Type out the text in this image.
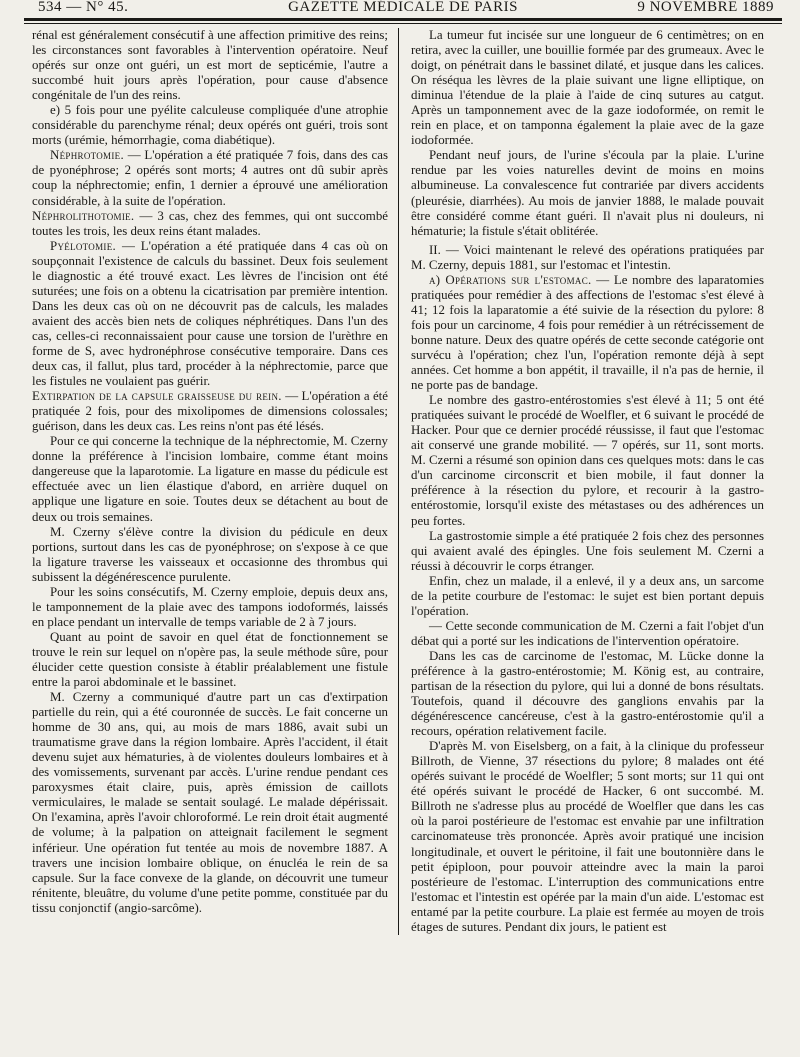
534 — N° 45.	GAZETTE MÉDICALE DE PARIS	9 NOVEMBRE 1889

rénal est généralement consécutif à une affection primitive des reins; les circonstances sont favorables à l'intervention opératoire. Neuf opérés sur onze ont guéri, un est mort de septicémie, l'autre a succombé huit jours après l'opération, pour cause d'absence congénitale de l'un des reins.

e) 5 fois pour une pyélite calculeuse compliquée d'une atrophie considérable du parenchyme rénal; deux opérés ont guéri, trois sont morts (urémie, hémorrhagie, coma diabétique).

Néphrotomie. — L'opération a été pratiquée 7 fois, dans des cas de pyonéphrose; 2 opérés sont morts; 4 autres ont dû subir après coup la néphrectomie; enfin, 1 dernier a éprouvé une amélioration considérable, à la suite de l'opération.

Néphrolithotomie. — 3 cas, chez des femmes, qui ont succombé toutes les trois, les deux reins étant malades.

Pyélotomie. — L'opération a été pratiquée dans 4 cas où on soupçonnait l'existence de calculs du bassinet. Deux fois seulement le diagnostic a été trouvé exact. Les lèvres de l'incision ont été suturées; une fois on a obtenu la cicatrisation par première intention. Dans les deux cas où on ne découvrit pas de calculs, les malades avaient des accès bien nets de coliques néphrétiques. Dans l'un des cas, celles-ci reconnaissaient pour cause une torsion de l'urèthre en forme de S, avec hydronéphrose consécutive temporaire. Dans ces deux cas, il fallut, plus tard, procéder à la néphrectomie, parce que les fistules ne voulaient pas guérir.

Extirpation de la capsule graisseuse du rein. — L'opération a été pratiquée 2 fois, pour des mixolipomes de dimensions colossales; guérison, dans les deux cas. Les reins n'ont pas été lésés.

Pour ce qui concerne la technique de la néphrectomie, M. Czerny donne la préférence à l'incision lombaire, comme étant moins dangereuse que la laparotomie. La ligature en masse du pédicule est effectuée avec un lien élastique d'abord, en arrière duquel on applique une ligature en soie. Toutes deux se détachent au bout de deux ou trois semaines.

M. Czerny s'élève contre la division du pédicule en deux portions, surtout dans les cas de pyonéphrose; on s'expose à ce que la ligature traverse les vaisseaux et occasionne des thrombus qui subissent la dégénérescence purulente.

Pour les soins consécutifs, M. Czerny emploie, depuis deux ans, le tamponnement de la plaie avec des tampons iodoformés, laissés en place pendant un intervalle de temps variable de 2 à 7 jours.

Quant au point de savoir en quel état de fonctionnement se trouve le rein sur lequel on n'opère pas, la seule méthode sûre, pour élucider cette question consiste à établir préalablement une fistule entre la paroi abdominale et le bassinet.

M. Czerny a communiqué d'autre part un cas d'extirpation partielle du rein, qui a été couronnée de succès. Le fait concerne un homme de 30 ans, qui, au mois de mars 1886, avait subi un traumatisme grave dans la région lombaire. Après l'accident, il était devenu sujet aux hématuries, à de violentes douleurs lombaires et à des vomissements, survenant par accès. L'urine rendue pendant ces paroxysmes était claire, puis, après émission de caillots vermiculaires, le malade se sentait soulagé. Le malade dépérissait. On l'examina, après l'avoir chloroformé. Le rein droit était augmenté de volume; à la palpation on atteignait facilement le segment inférieur. Une opération fut tentée au mois de novembre 1887. A travers une incision lombaire oblique, on énucléa le rein de sa capsule. Sur la face convexe de la glande, on découvrit une tumeur rénitente, bleuâtre, du volume d'une petite pomme, constituée par du tissu conjonctif (angio-sarcôme).

La tumeur fut incisée sur une longueur de 6 centimètres; on en retira, avec la cuiller, une bouillie formée par des grumeaux. Avec le doigt, on pénétrait dans le bassinet dilaté, et jusque dans les calices. On réséqua les lèvres de la plaie suivant une ligne elliptique, on diminua l'étendue de la plaie à l'aide de cinq sutures au catgut. Après un tamponnement avec de la gaze iodoformée, on remit le rein en place, et on tamponna également la plaie avec de la gaze iodoformée.

Pendant neuf jours, de l'urine s'écoula par la plaie. L'urine rendue par les voies naturelles devint de moins en moins albumineuse. La convalescence fut contrariée par divers accidents (pleurésie, diarrhées). Au mois de janvier 1888, le malade pouvait être considéré comme étant guéri. Il n'avait plus ni douleurs, ni hématurie; la fistule s'était oblitérée.

II. — Voici maintenant le relevé des opérations pratiquées par M. Czerny, depuis 1881, sur l'estomac et l'intestin.

a) Opérations sur l'estomac. — Le nombre des laparatomies pratiquées pour remédier à des affections de l'estomac s'est élevé à 41; 12 fois la laparatomie a été suivie de la résection du pylore: 8 fois pour un carcinome, 4 fois pour remédier à un rétrécissement de bonne nature. Deux des quatre opérés de cette seconde catégorie ont survécu à l'opération; chez l'un, l'opération remonte déjà à sept années. Cet homme a bon appétit, il travaille, il n'a pas de hernie, il ne porte pas de bandage.

Le nombre des gastro-entérostomies s'est élevé à 11; 5 ont été pratiquées suivant le procédé de Woelfler, et 6 suivant le procédé de Hacker. Pour que ce dernier procédé réussisse, il faut que l'estomac ait conservé une grande mobilité. — 7 opérés, sur 11, sont morts. M. Czerni a résumé son opinion dans ces quelques mots: dans le cas d'un carcinome circonscrit et bien mobile, il faut donner la préférence à la résection du pylore, et recourir à la gastro-entérostomie, lorsqu'il existe des métastases ou des adhérences un peu fortes.

La gastrostomie simple a été pratiquée 2 fois chez des personnes qui avaient avalé des épingles. Une fois seulement M. Czerni a réussi à découvrir le corps étranger.

Enfin, chez un malade, il a enlevé, il y a deux ans, un sarcome de la petite courbure de l'estomac: le sujet est bien portant depuis l'opération.

— Cette seconde communication de M. Czerni a fait l'objet d'un débat qui a porté sur les indications de l'intervention opératoire.

Dans les cas de carcinome de l'estomac, M. Lücke donne la préférence à la gastro-entérostomie; M. König est, au contraire, partisan de la résection du pylore, qui lui a donné de bons résultats. Toutefois, quand il découvre des ganglions envahis par la dégénérescence cancéreuse, c'est à la gastro-entérostomie qu'il a recours, opération relativement facile.

D'après M. von Eiselsberg, on a fait, à la clinique du professeur Billroth, de Vienne, 37 résections du pylore; 8 malades ont été opérés suivant le procédé de Woelfler; 5 sont morts; sur 11 qui ont été opérés suivant le procédé de Hacker, 6 ont succombé. M. Billroth ne s'adresse plus au procédé de Woelfler que dans les cas où la paroi postérieure de l'estomac est envahie par une infiltration carcinomateuse très prononcée. Après avoir pratiqué une incision longitudinale, et ouvert le péritoine, il fait une boutonnière dans le petit épiploon, pour pouvoir atteindre avec la main la paroi postérieure de l'estomac. L'interruption des communications entre l'estomac et l'intestin est opérée par la main d'un aide. L'estomac est entamé par la petite courbure. La plaie est fermée au moyen de trois étages de sutures. Pendant dix jours, le patient est
